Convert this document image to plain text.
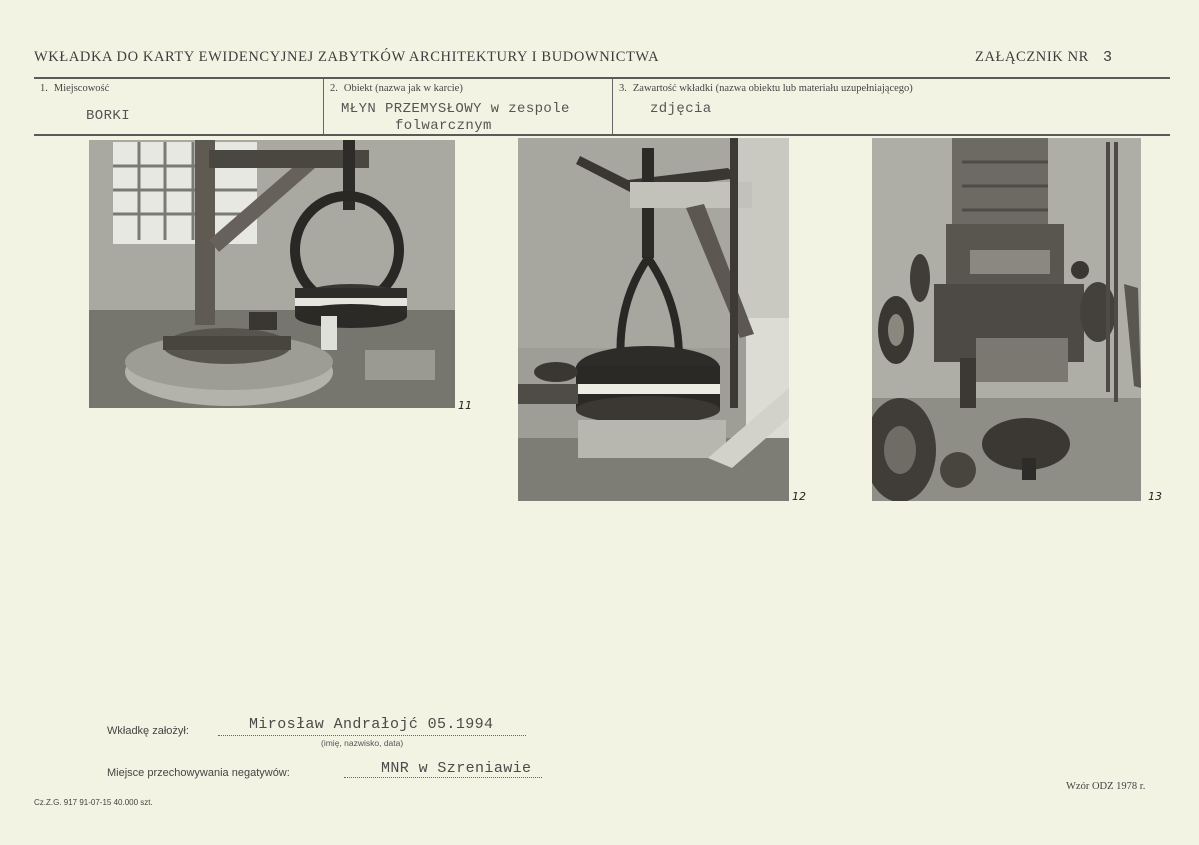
WKŁADKA DO KARTY EWIDENCYJNEJ ZABYTKÓW ARCHITEKTURY I BUDOWNICTWA	ZAŁĄCZNIK NR 3
1. Miejscowość
BORKI
2. Obiekt (nazwa jak w karcie)
MŁYN PRZEMYSŁOWY w zespole
folwarcznym
3. Zawartość wkładki (nazwa obiektu lub materiału uzupełniającego)
zdjęcia
11
12	13
Wkładkę założył:	Mirosław Andrałojć 05.1994
(imię, nazwisko, data)
Miejsce przechowywania negatywów:	MNR w Szreniawie
Wzór ODZ 1978 r.
Cz.Z.G. 917 91-07-15 40.000 szt.
